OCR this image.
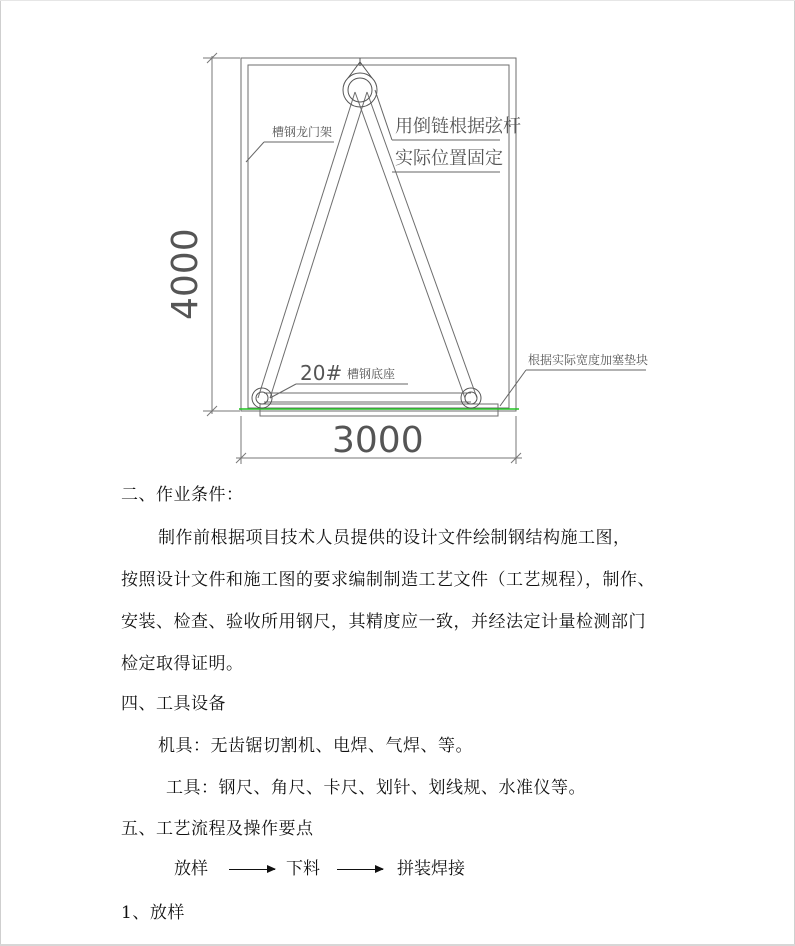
4000
3000
槽钢龙门架	用倒链根据弦杆
实际位置固定
20# 槽钢底座
根据实际宽度加塞垫块
二、作业条件：
制作前根据项目技术人员提供的设计文件绘制钢结构施工图，
按照设计文件和施工图的要求编制制造工艺文件（工艺规程），制作、
安装、检查、验收所用钢尺，其精度应一致，并经法定计量检测部门
检定取得证明。
四、工具设备
机具：无齿锯切割机、电焊、气焊、等。
工具：钢尺、角尺、卡尺、划针、划线规、水准仪等。
五、工艺流程及操作要点
放样	下料	拼装焊接
1、放样
